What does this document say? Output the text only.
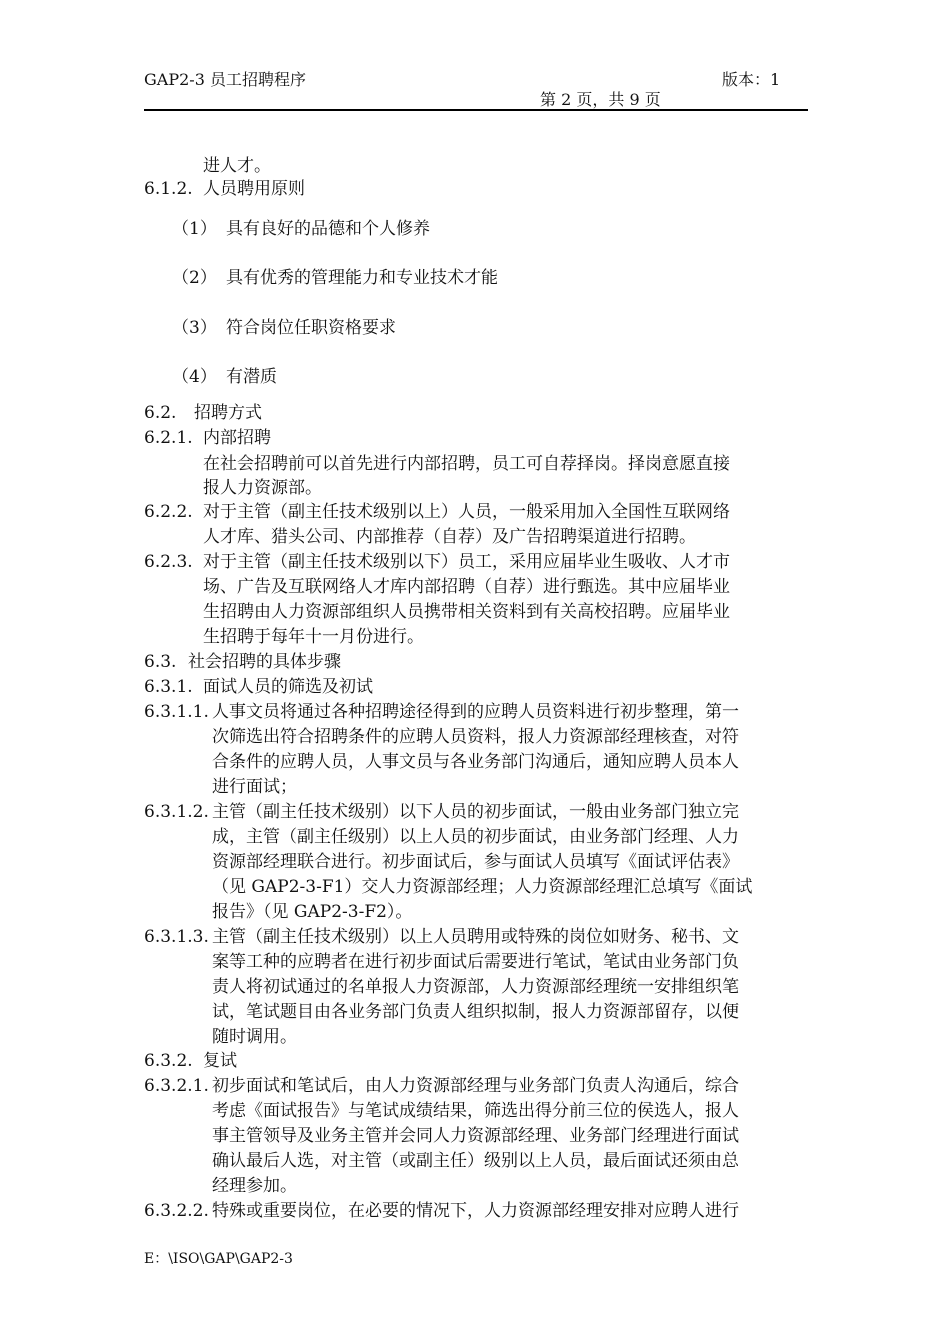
GAP2-3 员工招聘程序	版本：1
第 2 页，共 9 页
进人才。
6.1.2. 人员聘用原则
（1） 具有良好的品德和个人修养
（2） 具有优秀的管理能力和专业技术才能
（3） 符合岗位任职资格要求
（4） 有潜质
6.2. 招聘方式
6.2.1. 内部招聘
在社会招聘前可以首先进行内部招聘，员工可自荐择岗。择岗意愿直接
报人力资源部。
6.2.2. 对于主管（副主任技术级别以上）人员，一般采用加入全国性互联网络
人才库、猎头公司、内部推荐（自荐）及广告招聘渠道进行招聘。
6.2.3. 对于主管（副主任技术级别以下）员工，采用应届毕业生吸收、人才市
场、广告及互联网络人才库内部招聘（自荐）进行甄选。其中应届毕业
生招聘由人力资源部组织人员携带相关资料到有关高校招聘。应届毕业
生招聘于每年十一月份进行。
6.3. 社会招聘的具体步骤
6.3.1. 面试人员的筛选及初试
6.3.1.1. 人事文员将通过各种招聘途径得到的应聘人员资料进行初步整理，第一
次筛选出符合招聘条件的应聘人员资料，报人力资源部经理核查，对符
合条件的应聘人员，人事文员与各业务部门沟通后，通知应聘人员本人
进行面试；
6.3.1.2. 主管（副主任技术级别）以下人员的初步面试，一般由业务部门独立完
成，主管（副主任级别）以上人员的初步面试，由业务部门经理、人力
资源部经理联合进行。初步面试后，参与面试人员填写《面试评估表》
（见 GAP2-3-F1）交人力资源部经理；人力资源部经理汇总填写《面试
报告》（见 GAP2-3-F2）。
6.3.1.3. 主管（副主任技术级别）以上人员聘用或特殊的岗位如财务、秘书、文
案等工种的应聘者在进行初步面试后需要进行笔试，笔试由业务部门负
责人将初试通过的名单报人力资源部，人力资源部经理统一安排组织笔
试，笔试题目由各业务部门负责人组织拟制，报人力资源部留存，以便
随时调用。
6.3.2. 复试
6.3.2.1. 初步面试和笔试后，由人力资源部经理与业务部门负责人沟通后，综合
考虑《面试报告》与笔试成绩结果，筛选出得分前三位的侯选人，报人
事主管领导及业务主管并会同人力资源部经理、业务部门经理进行面试
确认最后人选，对主管（或副主任）级别以上人员，最后面试还须由总
经理参加。
6.3.2.2. 特殊或重要岗位，在必要的情况下，人力资源部经理安排对应聘人进行
E：\ISO\GAP\GAP2-3
